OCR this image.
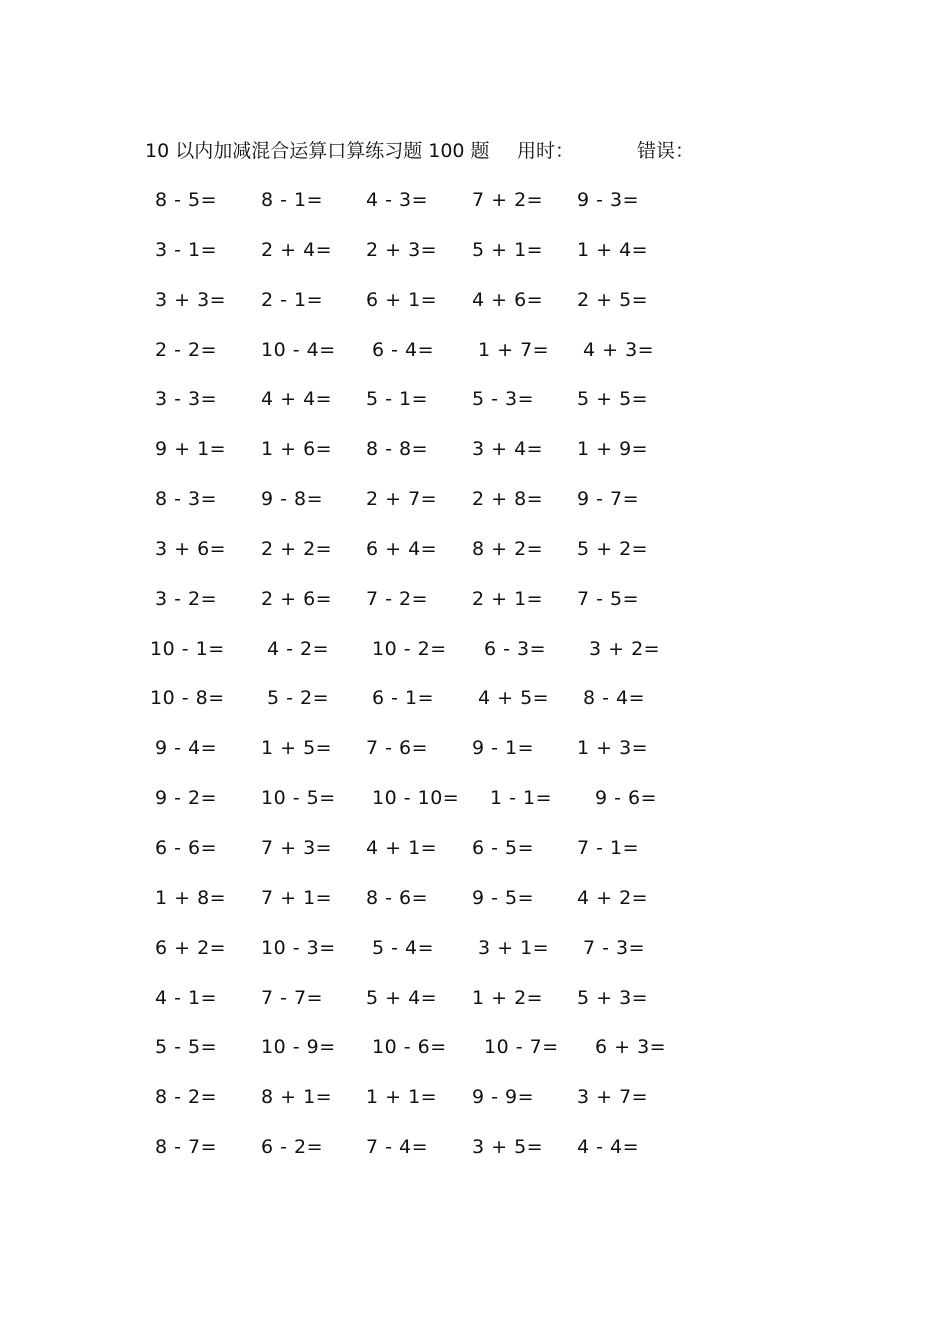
10 以内加减混合运算口算练习题 100 题 用时：	错误：
8 - 5= 8 - 1= 4 - 3= 7 + 2= 9 - 3=
3 - 1= 2 + 4= 2 + 3= 5 + 1= 1 + 4=
3 + 3= 2 - 1= 6 + 1= 4 + 6= 2 + 5=
2 - 2= 10 - 4= 6 - 4= 1 + 7= 4 + 3=
3 - 3= 4 + 4= 5 - 1= 5 - 3= 5 + 5=
9 + 1= 1 + 6= 8 - 8= 3 + 4= 1 + 9=
8 - 3= 9 - 8= 2 + 7= 2 + 8= 9 - 7=
3 + 6= 2 + 2= 6 + 4= 8 + 2= 5 + 2=
3 - 2= 2 + 6= 7 - 2= 2 + 1= 7 - 5=
10 - 1= 4 - 2= 10 - 2= 6 - 3= 3 + 2=
10 - 8= 5 - 2= 6 - 1= 4 + 5= 8 - 4=
9 - 4= 1 + 5= 7 - 6= 9 - 1= 1 + 3=
9 - 2= 10 - 5= 10 - 10= 1 - 1= 9 - 6=
6 - 6= 7 + 3= 4 + 1= 6 - 5= 7 - 1=
1 + 8= 7 + 1= 8 - 6= 9 - 5= 4 + 2=
6 + 2= 10 - 3= 5 - 4= 3 + 1= 7 - 3=
4 - 1= 7 - 7= 5 + 4= 1 + 2= 5 + 3=
5 - 5= 10 - 9= 10 - 6= 10 - 7= 6 + 3=
8 - 2= 8 + 1= 1 + 1= 9 - 9= 3 + 7=
8 - 7= 6 - 2= 7 - 4= 3 + 5= 4 - 4=
